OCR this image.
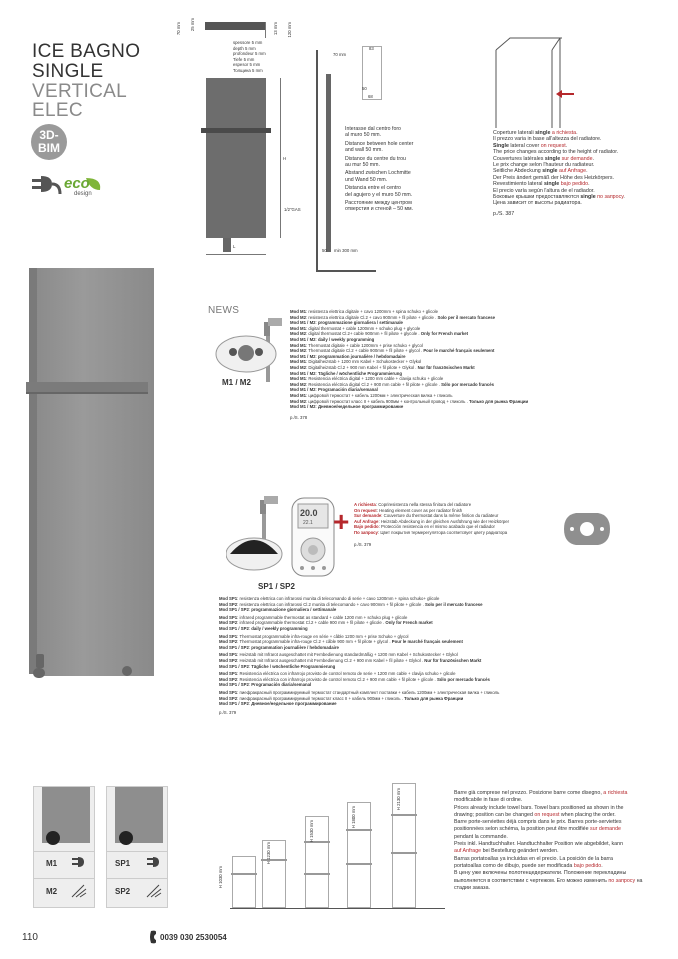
ICE BAGNO
SINGLE
VERTICAL
ELEC
3D-
BIM
eco
design
70 mm 25 mm	13 mm 120 mm
spessore 5 mm
depth 5 mm
profondeur 5 mm
Tiefe 5 mm
espesor 5 mm
Толщина 5 mm
H
L
1/2"GAS
70 mm
83
50
68
50 min 300 mm
Interasse dal centro foro
al muro 50 mm.
Distance between hole center
and wall 50 mm.
Distance du centre du trou
au mur 50 mm.
Abstand zwischen Lochmitte
und Wand 50 mm.
Distancia entre el centro
del agujero y el muro 50 mm.
Расстояние между центром
отверстия и стеной – 50 мм.
Coperture laterali single a richiesta.
Il prezzo varia in base all'altezza del radiatore.
Single lateral cover on request.
The price changes according to the height of radiator.
Couvertures latérales single sur demande.
Le prix change selon l'hauteur du radiateur.
Seitliche Abdeckung single auf Anfrage.
Der Preis ändert gemäß der Höhe des Heizkörpers.
Revestimiento lateral single bajo pedido.
El precio varía según l'altura de el radiador.
Боковые крышки предоставляются single по запросу.
Цена зависит от высоты радиатора.
p./S. 387
NEWS
M1 / M2
Mod M1: resistenza elettrica digitale + cavo 1200mm + spina schuko + glicole
Mod M2: resistenza elettrica digitale Cl.2 + cavo 900mm + fil pilote + glicole . Solo per il mercato francese
Mod M1 / M2: programmazione giornaliera / settimanale
Mod M1: digital thermostat + cable 1200mm + schuko plug + glycole
Mod M2: digital thermostat Cl.2+ cable 900mm + fil pilote + glycole . Only for French market
Mod M1 / M2: daily / weekly programming
Mod M1: Thermostat digitale + cable 1200mm + prise schuko + glycol
Mod M2: Thermostat digitale Cl.2 + cable 900mm + fil pilote + glycol . Pour le marché français seulement
Mod M1 / M2: programmation journalière / hebdomadaire
Mod M1: Digitalheizstab + 1200 mm Kabel + Schukostecker + Glykol
Mod M2: Digitalheizstab Cl.2 + 900 mm Kabel + fil pilote + Glykol . Nur für französischen Markt
Mod M1 / M2: Tägliche / wöchentliche Programmierung
Mod M1: Resistencia eléctrica digital + 1200 mm cable + clavija schuko + glicole
Mod M2: Resistencia eléctrica digital Cl.2 + 900 mm cable + fil pilote + glicole . Sólo por mercado francés
Mod M1 / M2: Programación diaria/semanal
Mod M1: цифровой термостат + кабель 1200мм + электрическая вилка + гликоль
Mod M2: цифровой термостат класс II + кабель 900мм + контрольный провод + гликоль . Только для рынка Франции
Mod M1 / M2: Дневное/недельное программирование
p./S. 378
20.0
22.1 +
SP1 / SP2
A richiesta: Copriresistenza nella stessa finitura del radiatore
On request: Heating element cover as per radiator finish
Sur demande: Couverture du thermostat dans la même finition du radiateur
Auf Anfrage: Heizstab Abdeckung in der gleichen Ausführung wie der Heizkörper
Bajo pedido: Protección resistencia en el mismo acabado que el radiador
По запросу: Цвет покрытия термерегулятора соответсвует цвету радиатора
p./S. 379
Mod SP1: resistenza elettrica con infrarossi munita di telecomando di serie + cavo 1200mm + spina schuko+ glicole
Mod SP2: resistenza elettrica con infrarossi Cl.2 munita di telecomando + cavo 900mm + fil pilote + glicole . Solo per il mercato francese
Mod SP1 / SP2: programmazione giornaliera / settimanale
Mod SP1: infrared programmable thermostat as standard + cable 1200 mm + schuko plug + glicole
Mod SP2: infrared programmable thermostat Cl.2 + cable 900 mm + fil pilote + glicole . Only for French market
Mod SP1 / SP2: daily / weekly programming
Mod SP1: Thermostat programmable infra-rouge en série + câble 1200 mm + prise Schuko + glycol
Mod SP2: Thermostat programmable infra-rouge Cl.2 + câble 900 mm + fil pilote + glycol . Pour le marché français seulement
Mod SP1 / SP2: programmation journalière / hebdomadaire
Mod SP1: Heizstab mit Infrarot ausgeschattet mit Fernbedienung standardmäßig + 1200 mm Kabel + Schukostecker + Glykol
Mod SP2: Heizstab mit Infrarot ausgeschattet mit Fernbedienung Cl.2 + 900 mm Kabel + fil pilote + Glykol . Nur für französischen Markt
Mod SP1 / SP2: Tägliche / wöchentliche Programmierung
Mod SP1: Resistencia eléctrica con infrarrojo provisto de control remoto de serie + 1200 mm cable + clavija schuko + glicole
Mod SP2: Resistencia eléctrica con infrarrojo provisto de control remoto Cl.2 + 900 mm cable + fil pilote + glicole . Sólo por mercado francés
Mod SP1 / SP2: Programación diaria/semanal
Mod SP1: пиефракрасный программируемый термостат стандартный комплект поставки + кабель 1200мм + электрическая вилка + гликоль
Mod SP2: пиефракрасный программируемый термостат класс II + кабель 900мм + гликоль . Только для рынка Франции
Mod SP1 / SP2: Дневное/недельное программирование
p./S. 379
M1
M2
SP1
SP2
H 1030 mm
H 1230 mm
H 1530 mm
H 1800 mm
H 2130 mm	Barre già comprese nel prezzo. Posizione barre come disegno, a richiesta
modificabile in fase di ordine.
Prices already include towel bars. Towel bars positioned as shown in the
drawing; position can be changed on request when placing the order.
Barre porte-serviettes déjà compris dans le prix. Barres porte-serviettes
positionnées selon schéma, la position peut être modifiée sur demande
pendant la commande.
Preis inkl. Handtuchhalter. Handtuchhalter Position wie abgebildet, kann
auf Anfrage bei Bestellung geändert werden.
Barras portatoallas ya incluidas en el precio. La posición de la barra
portatoallas como de dibujo, puede ser modificada bajo pedido.
В цену уже включены полотенцедержатели. Положение перекладины
выполняется в соответствии с чертежом. Его можно изменить по запросу на
стадии заказа.
110	0039 030 2530054
